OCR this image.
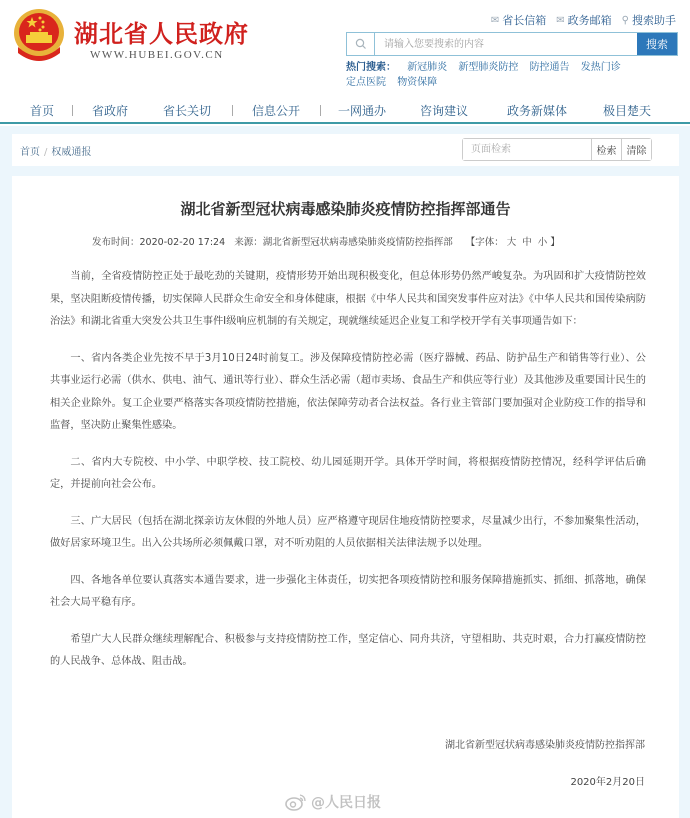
湖北省人民政府
WWW.HUBEI.GOV.CN
✉ 省长信箱 ✉ 政务邮箱 ⚲ 搜索助手
请输入您要搜索的内容
搜索
热门搜索： 新冠肺炎 新型肺炎防控 防控通告 发热门诊
定点医院 物资保障
首页	省政府	省长关切	信息公开	一网通办	咨询建议	政务新媒体	极目楚天
首页 / 权威通报
页面检索	检索	清除
湖北省新型冠状病毒感染肺炎疫情防控指挥部通告
发布时间：2020-02-20 17:24 来源：湖北省新型冠状病毒感染肺炎疫情防控指挥部 【字体： 大 中 小 】

当前，全省疫情防控正处于最吃劲的关键期，疫情形势开始出现积极变化，但总体形势仍然严峻复杂。为巩固和扩大疫情防控效果，坚决阻断疫情传播，切实保障人民群众生命安全和身体健康，根据《中华人民共和国突发事件应对法》《中华人民共和国传染病防治法》和湖北省重大突发公共卫生事件Ⅰ级响应机制的有关规定，现就继续延迟企业复工和学校开学有关事项通告如下：

一、省内各类企业先按不早于3月10日24时前复工。涉及保障疫情防控必需（医疗器械、药品、防护品生产和销售等行业）、公共事业运行必需（供水、供电、油气、通讯等行业）、群众生活必需（超市卖场、食品生产和供应等行业）及其他涉及重要国计民生的相关企业除外。复工企业要严格落实各项疫情防控措施，依法保障劳动者合法权益。各行业主管部门要加强对企业防疫工作的指导和监督，坚决防止聚集性感染。

二、省内大专院校、中小学、中职学校、技工院校、幼儿园延期开学。具体开学时间，将根据疫情防控情况，经科学评估后确定，并提前向社会公布。

三、广大居民（包括在湖北探亲访友休假的外地人员）应严格遵守现居住地疫情防控要求，尽量减少出行，不参加聚集性活动，做好居家环境卫生。出入公共场所必须佩戴口罩，对不听劝阻的人员依据相关法律法规予以处理。

四、各地各单位要认真落实本通告要求，进一步强化主体责任，切实把各项疫情防控和服务保障措施抓实、抓细、抓落地，确保社会大局平稳有序。

希望广大人民群众继续理解配合、积极参与支持疫情防控工作，坚定信心、同舟共济，守望相助、共克时艰，合力打赢疫情防控的人民战争、总体战、阻击战。

湖北省新型冠状病毒感染肺炎疫情防控指挥部
2020年2月20日
@人民日报
